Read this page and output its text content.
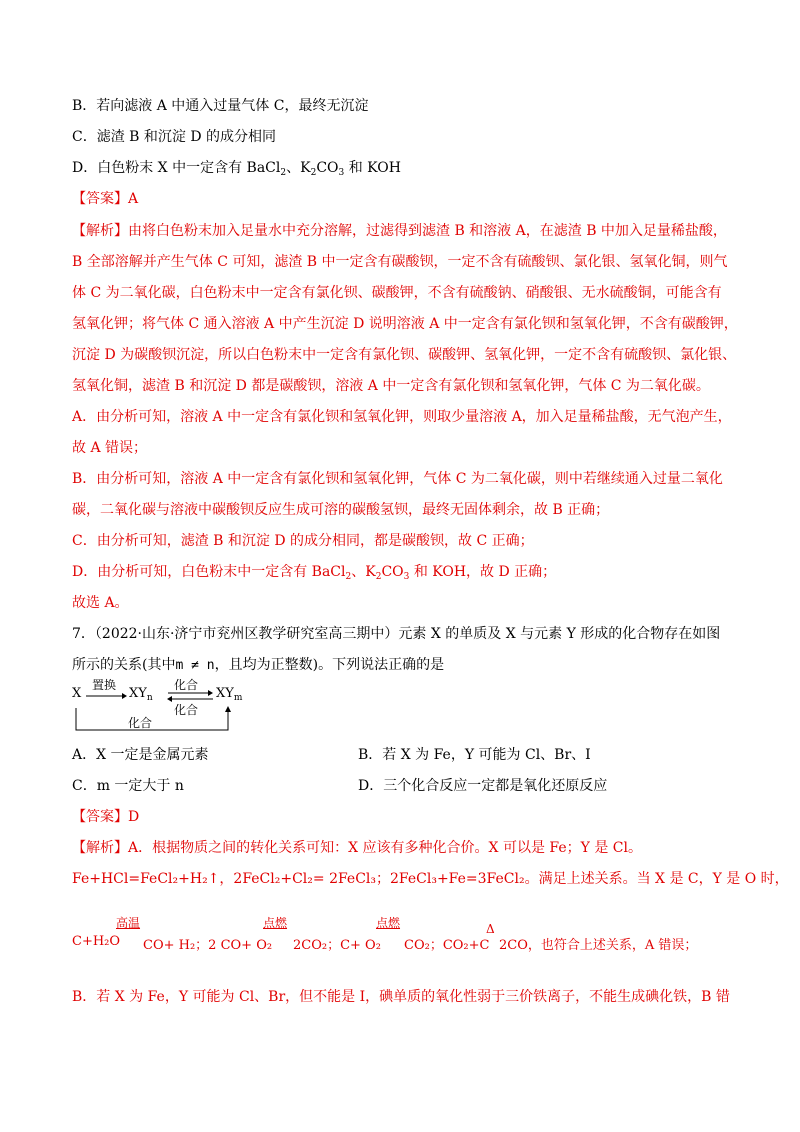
B．若向滤液 A 中通入过量气体 C，最终无沉淀
C．滤渣 B 和沉淀 D 的成分相同
D．白色粉末 X 中一定含有 BaCl$_2$、$K_2CO_3$ 和 KOH
【答案】A
【解析】由将白色粉末加入足量水中充分溶解，过滤得到滤渣 B 和溶液 A，在滤渣 B 中加入足量稀盐酸，
B 全部溶解并产生气体 C 可知，滤渣 B 中一定含有碳酸钡，一定不含有硫酸钡、氯化银、氢氧化铜，则气
体 C 为二氧化碳，白色粉末中一定含有氯化钡、碳酸钾，不含有硫酸钠、硝酸银、无水硫酸铜，可能含有
氢氧化钾；将气体 C 通入溶液 A 中产生沉淀 D 说明溶液 A 中一定含有氯化钡和氢氧化钾，不含有碳酸钾，
沉淀 D 为碳酸钡沉淀，所以白色粉末中一定含有氯化钡、碳酸钾、氢氧化钾，一定不含有硫酸钡、氯化银、
氢氧化铜，滤渣 B 和沉淀 D 都是碳酸钡，溶液 A 中一定含有氯化钡和氢氧化钾，气体 C 为二氧化碳。
A．由分析可知，溶液 A 中一定含有氯化钡和氢氧化钾，则取少量溶液 A，加入足量稀盐酸，无气泡产生，
故 A 错误；
B．由分析可知，溶液 A 中一定含有氯化钡和氢氧化钾，气体 C 为二氧化碳，则中若继续通入过量二氧化
碳，二氧化碳与溶液中碳酸钡反应生成可溶的碳酸氢钡，最终无固体剩余，故 B 正确；
C．由分析可知，滤渣 B 和沉淀 D 的成分相同，都是碳酸钡，故 C 正确；
D．由分析可知，白色粉末中一定含有 BaCl$_2$、$K_2CO_3$ 和 KOH，故 D 正确；
故选 A。
7．（2022·山东·济宁市兖州区教学研究室高三期中）元素 X 的单质及 X 与元素 Y 形成的化合物存在如图
所示的关系(其中m ≠ n，且均为正整数)。下列说法正确的是
X
置换
$XY_n$
化合
化合
$XY_m$
化合
A．X 一定是金属元素	B．若 X 为 Fe，Y 可能为 Cl、Br、I
C．m 一定大于 n	D．三个化合反应一定都是氧化还原反应
【答案】D
【解析】A．根据物质之间的转化关系可知：X 应该有多种化合价。X 可以是 Fe；Y 是 Cl。
Fe+HCl=FeCl₂+H₂↑，2FeCl₂+Cl₂= 2FeCl₃；2FeCl₃+Fe=3FeCl₂。满足上述关系。当 X 是 C，Y 是 O 时，
高温	点燃	点燃	Δ
C+H₂O CO+ H₂；2 CO+ O₂ 2CO₂；C+ O₂ CO₂；CO₂+C 2CO，也符合上述关系，A 错误；
B．若 X 为 Fe，Y 可能为 Cl、Br，但不能是 I，碘单质的氧化性弱于三价铁离子，不能生成碘化铁，B 错
